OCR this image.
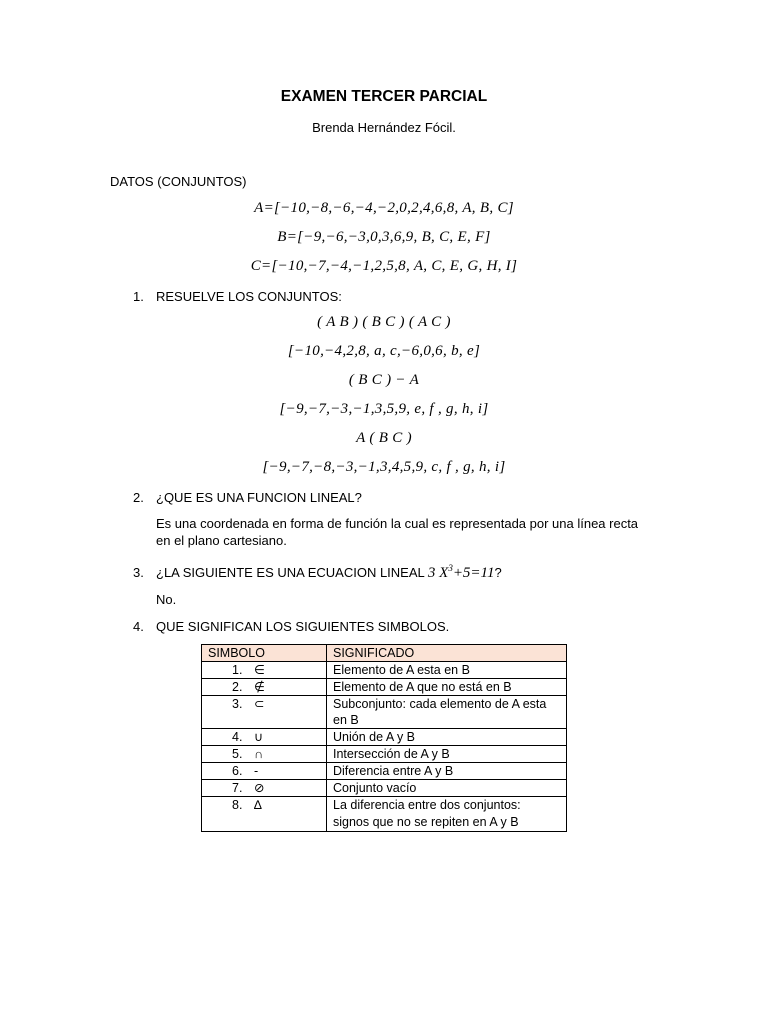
EXAMEN TERCER PARCIAL
Brenda Hernández Fócil.
DATOS (CONJUNTOS)
A=[−10,−8,−6,−4,−2,0,2,4,6,8, A, B, C]
B=[−9,−6,−3,0,3,6,9, B, C, E, F]
C=[−10,−7,−4,−1,2,5,8, A, C, E, G, H, I]
1. RESUELVE LOS CONJUNTOS:
( A B ) ( B C ) ( A C )
[−10,−4,2,8, a, c,−6,0,6, b, e]
( B C ) − A
[−9,−7,−3,−1,3,5,9, e, f , g, h, i]
A ( B C )
[−9,−7,−8,−3,−1,3,4,5,9, c, f , g, h, i]
2. ¿QUE ES UNA FUNCION LINEAL?
Es una coordenada en forma de función la cual es representada por una línea recta en el plano cartesiano.
3. ¿LA SIGUIENTE ES UNA ECUACION LINEAL 3 $X^3+5=11$?
No.
4. QUE SIGNIFICAN LOS SIGUIENTES SIMBOLOS.
SIMBOLO	SIGNIFICADO
1. ∈	Elemento de A esta en B
2. ∉	Elemento de A que no está en B
3. ⊂	Subconjunto: cada elemento de A esta en B
4. ∪	Unión de A y B
5. ∩	Intersección de A y B
6. -	Diferencia entre A y B
7. ⊘	Conjunto vacío
8. ∆	La diferencia entre dos conjuntos: signos que no se repiten en A y B
